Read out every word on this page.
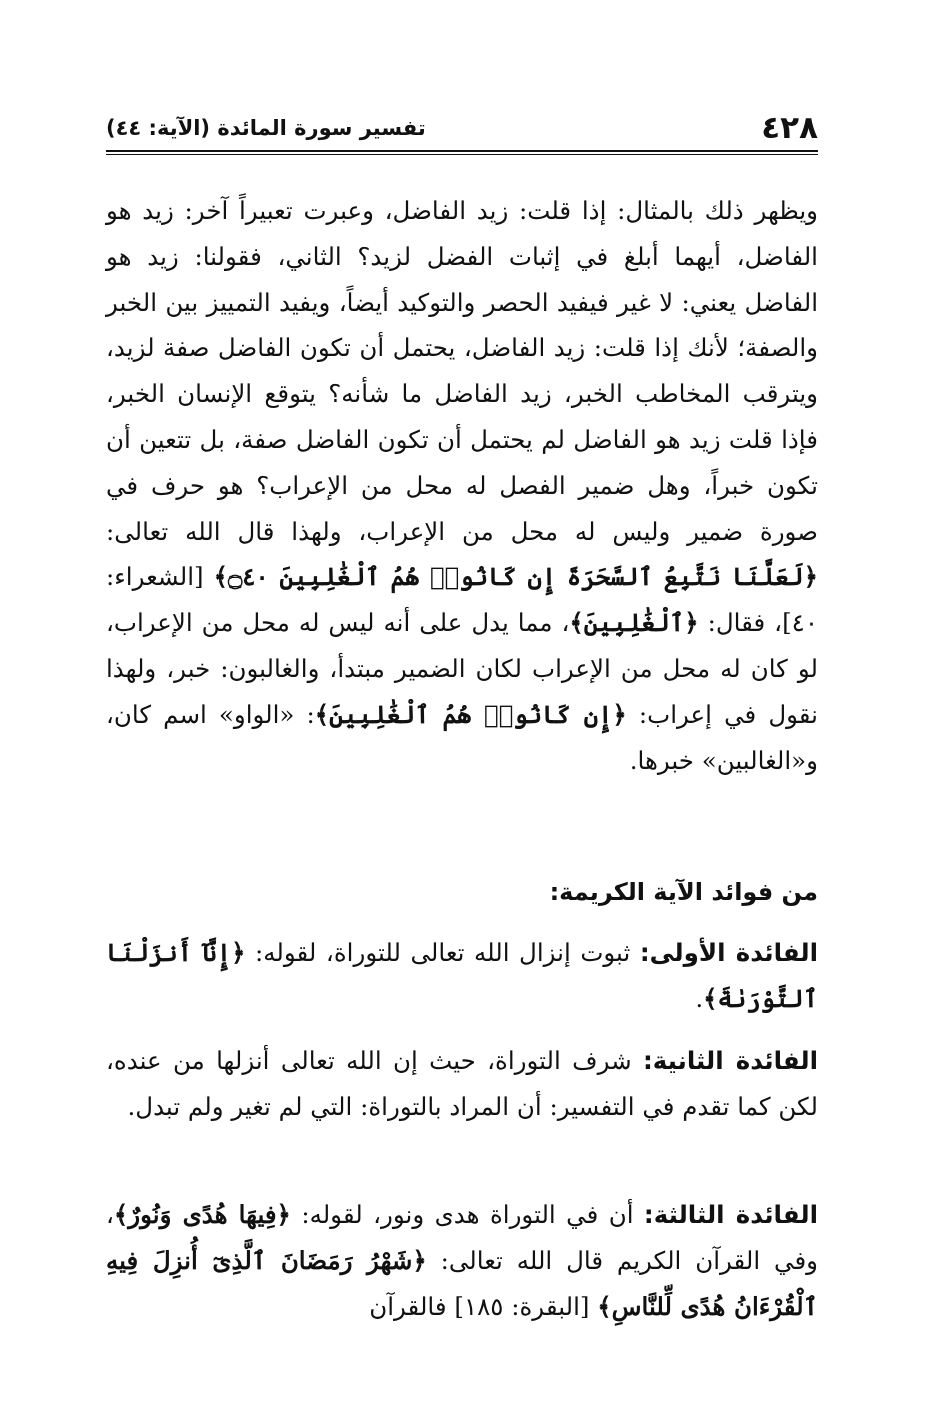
٤٢٨
تفسير سورة المائدة (الآية: ٤٤)

ويظهر ذلك بالمثال: إذا قلت: زيد الفاضل، وعبرت تعبيراً آخر: زيد هو الفاضل، أيهما أبلغ في إثبات الفضل لزيد؟ الثاني، فقولنا: زيد هو الفاضل يعني: لا غير فيفيد الحصر والتوكيد أيضاً، ويفيد التمييز بين الخبر والصفة؛ لأنك إذا قلت: زيد الفاضل، يحتمل أن تكون الفاضل صفة لزيد، ويترقب المخاطب الخبر، زيد الفاضل ما شأنه؟ يتوقع الإنسان الخبر، فإذا قلت زيد هو الفاضل لم يحتمل أن تكون الفاضل صفة، بل تتعين أن تكون خبراً، وهل ضمير الفصل له محل من الإعراب؟ هو حرف في صورة ضمير وليس له محل من الإعراب، ولهذا قال الله تعالى: ﴿لَعَلَّنَا نَتَّبِعُ ٱلسَّحَرَةَ إِن كَانُوا۟ هُمُ ٱلْغَٰلِبِينَ ۝٤٠﴾ [الشعراء: ٤٠]، فقال: ﴿ٱلْغَٰلِبِينَ﴾، مما يدل على أنه ليس له محل من الإعراب، لو كان له محل من الإعراب لكان الضمير مبتدأ، والغالبون: خبر، ولهذا نقول في إعراب: ﴿إِن كَانُوا۟ هُمُ ٱلْغَٰلِبِينَ﴾: «الواو» اسم كان، و«الغالبين» خبرها.

من فوائد الآية الكريمة:
الفائدة الأولى: ثبوت إنزال الله تعالى للتوراة، لقوله: ﴿إِنَّآ أَنزَلْنَا ٱلتَّوْرَىٰةَ﴾.
الفائدة الثانية: شرف التوراة، حيث إن الله تعالى أنزلها من عنده، لكن كما تقدم في التفسير: أن المراد بالتوراة: التي لم تغير ولم تبدل.
الفائدة الثالثة: أن في التوراة هدى ونور، لقوله: ﴿فِيهَا هُدًى وَنُورٌ﴾، وفي القرآن الكريم قال الله تعالى: ﴿شَهْرُ رَمَضَانَ ٱلَّذِىٓ أُنزِلَ فِيهِ ٱلْقُرْءَانُ هُدًى لِّلنَّاسِ﴾ [البقرة: ١٨٥] فالقرآن
